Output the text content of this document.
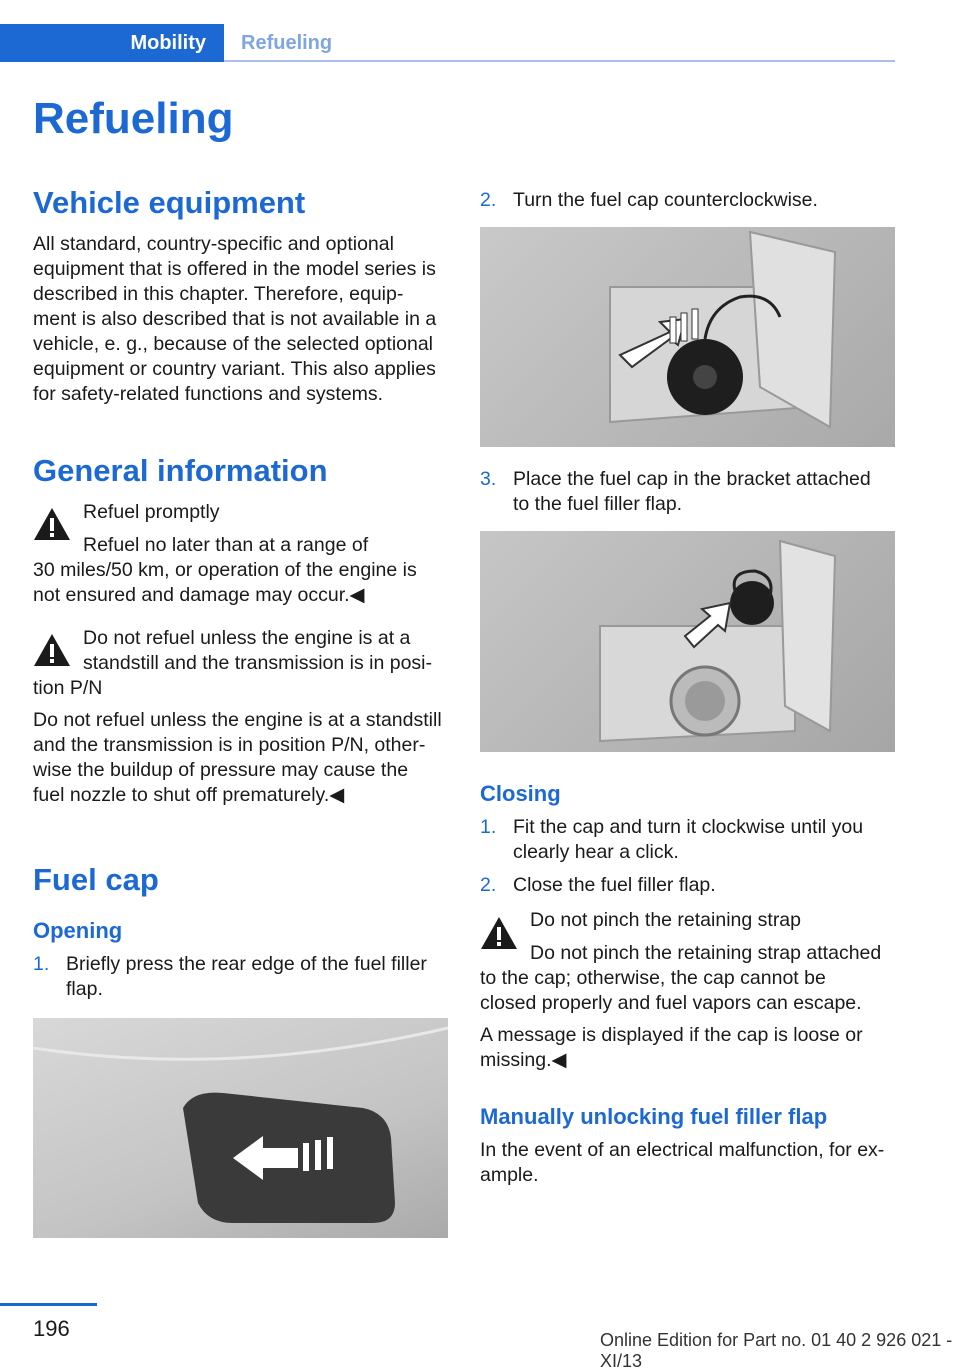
Mobility	Refueling
Refueling
Vehicle equipment
All standard, country-specific and optional
equipment that is offered in the model series is
described in this chapter. Therefore, equip-
ment is also described that is not available in a
vehicle, e. g., because of the selected optional
equipment or country variant. This also applies
for safety-related functions and systems.
General information
Refuel promptly
Refuel no later than at a range of
30 miles/50 km, or operation of the engine is
not ensured and damage may occur.◀
Do not refuel unless the engine is at a
standstill and the transmission is in posi-
tion P/N
Do not refuel unless the engine is at a standstill
and the transmission is in position P/N, other-
wise the buildup of pressure may cause the
fuel nozzle to shut off prematurely.◀
Fuel cap
Opening
1. Briefly press the rear edge of the fuel filler
flap.
2. Turn the fuel cap counterclockwise.
3. Place the fuel cap in the bracket attached
to the fuel filler flap.
Closing
1. Fit the cap and turn it clockwise until you
clearly hear a click.
2. Close the fuel filler flap.
Do not pinch the retaining strap
Do not pinch the retaining strap attached
to the cap; otherwise, the cap cannot be
closed properly and fuel vapors can escape.
A message is displayed if the cap is loose or
missing.◀
Manually unlocking fuel filler flap
In the event of an electrical malfunction, for ex-
ample.
196	Online Edition for Part no. 01 40 2 926 021 - XI/13
